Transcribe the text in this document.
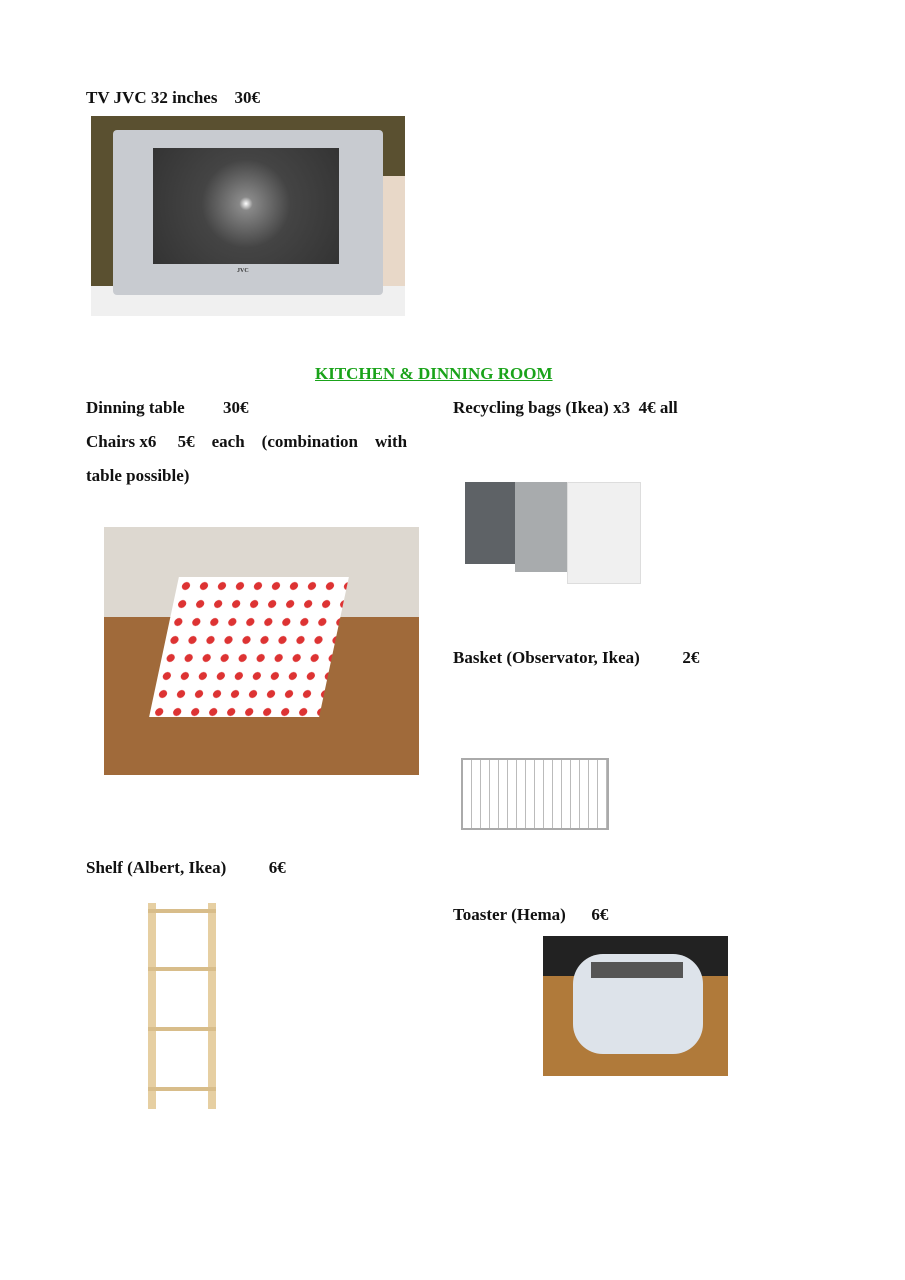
TV JVC 32 inches    30€
JVC
KITCHEN & DINNING ROOM
Dinning table         30€
Chairs x6     5€    each    (combination    with
table possible)
Recycling bags (Ikea) x3  4€ all
Basket (Observator, Ikea)          2€
Shelf (Albert, Ikea)          6€
Toaster (Hema)      6€
